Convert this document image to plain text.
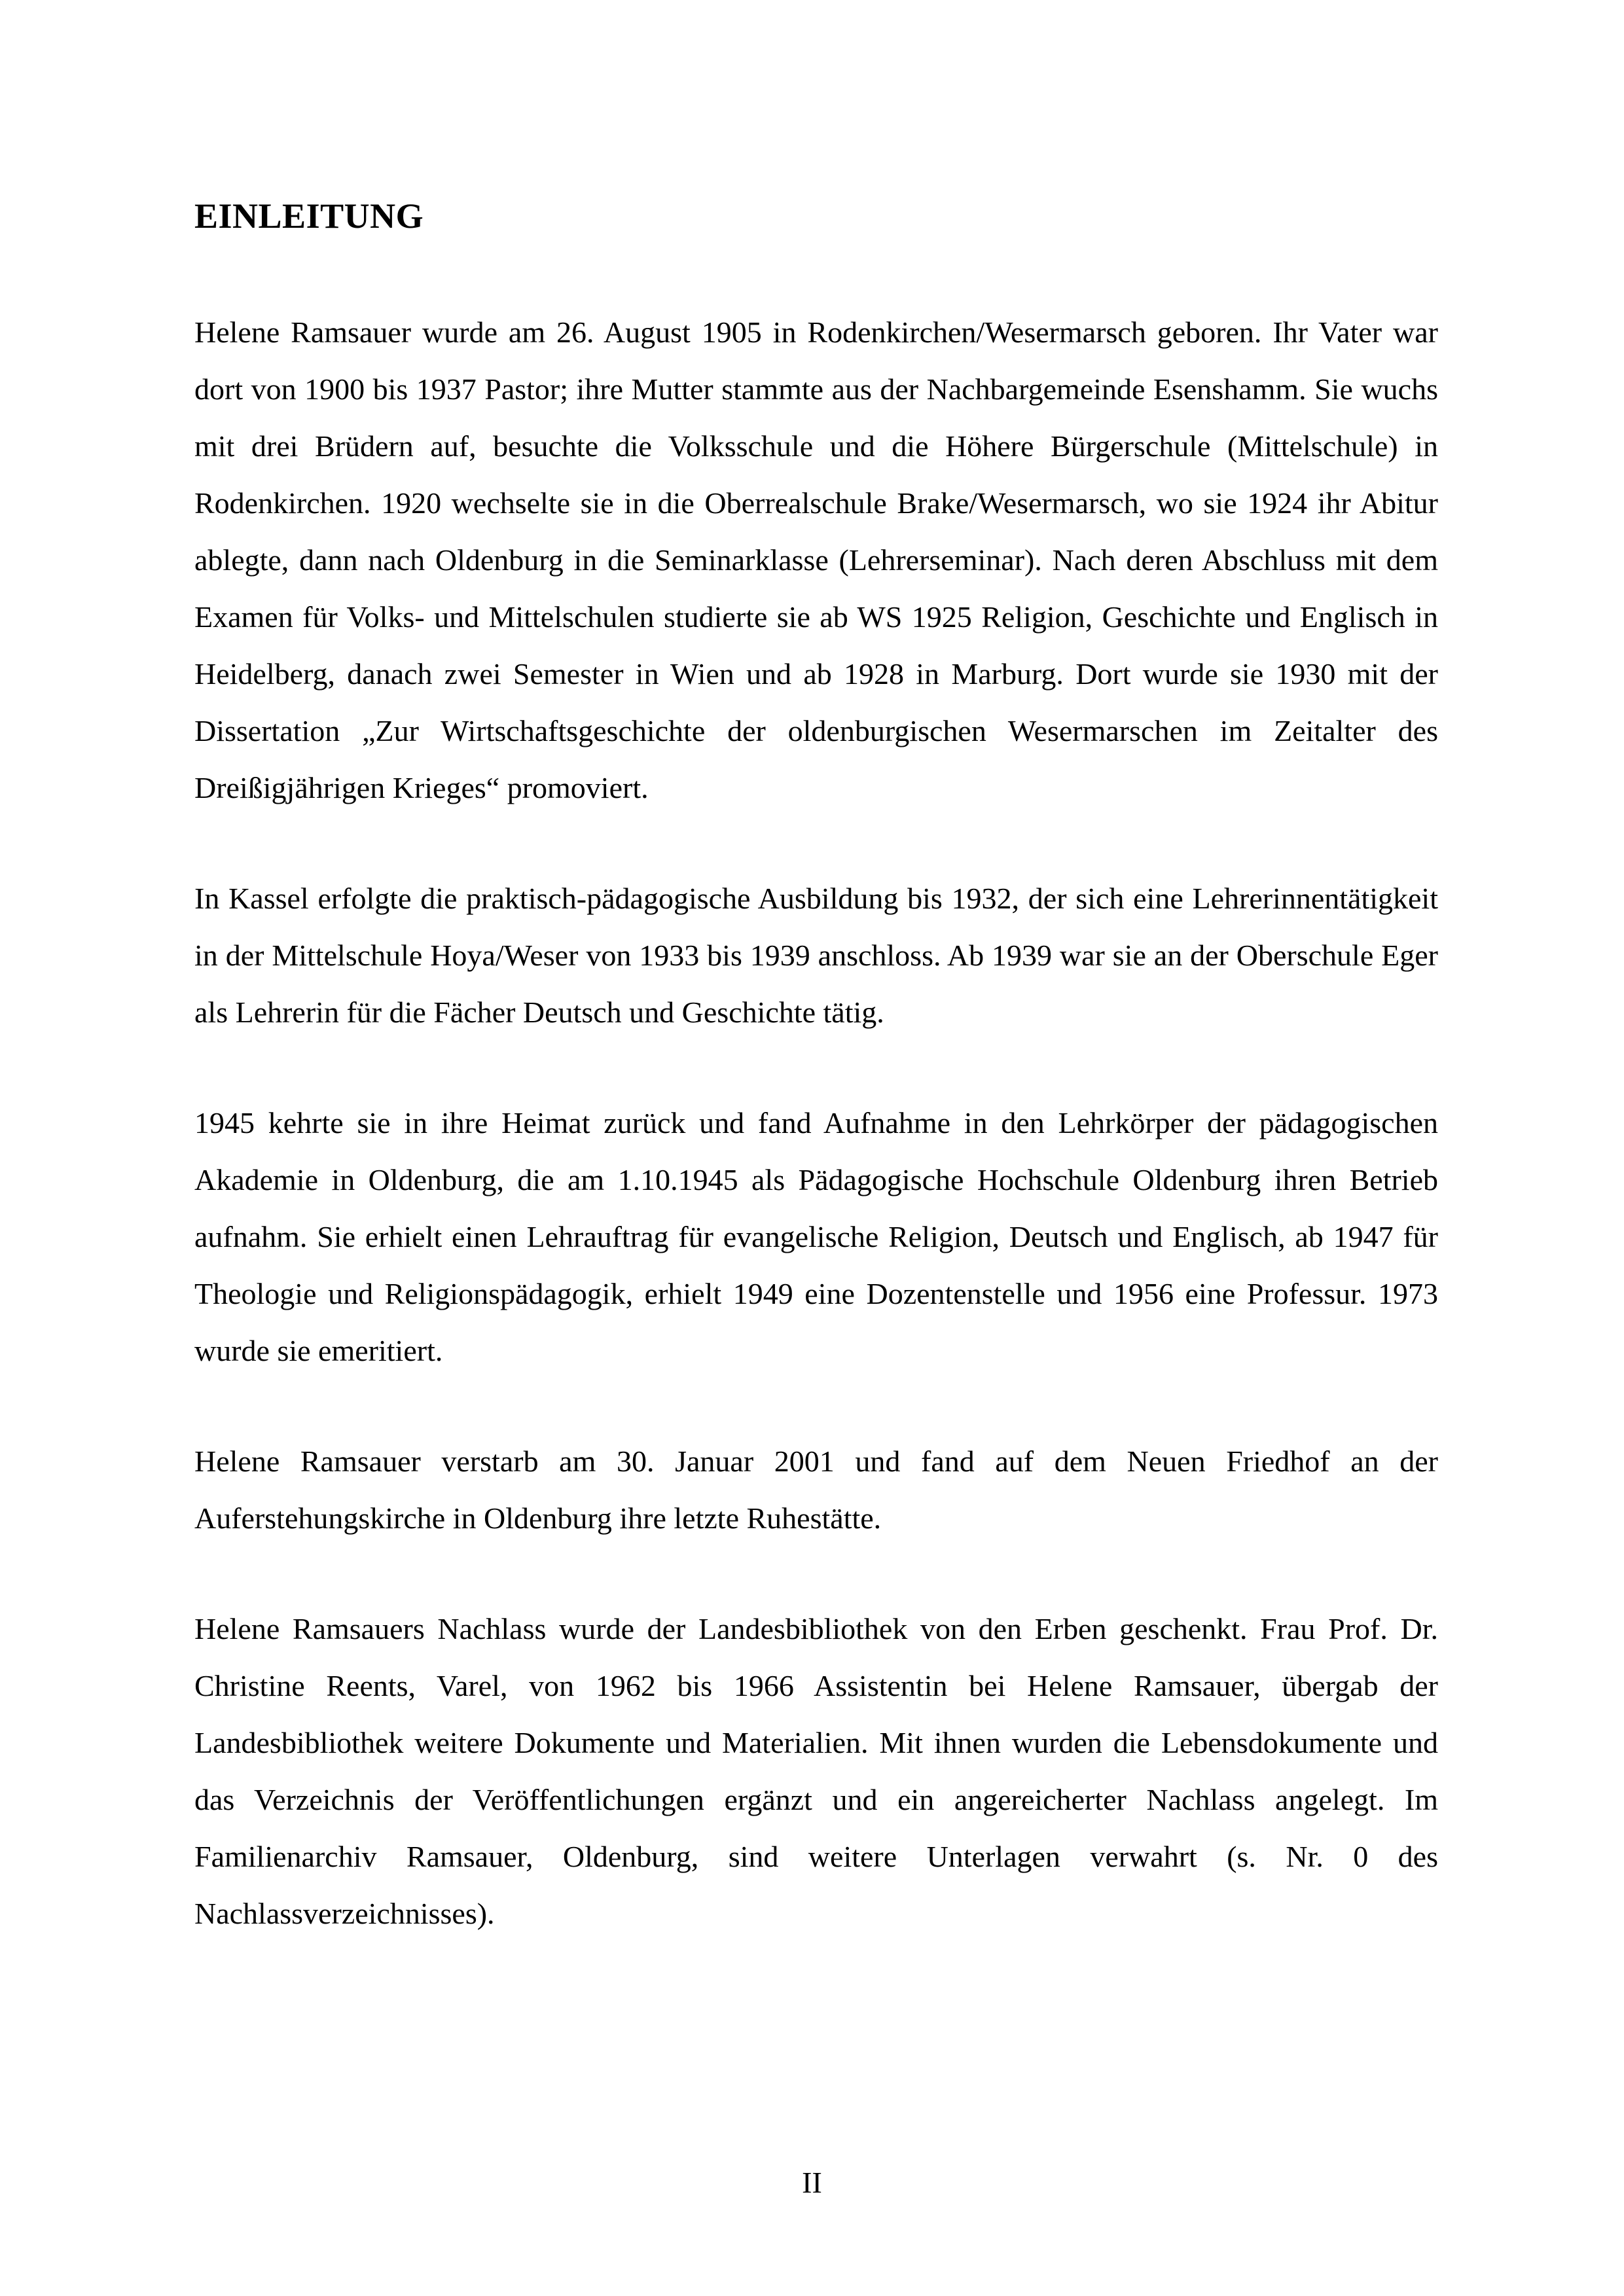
EINLEITUNG

Helene Ramsauer wurde am 26. August 1905 in Rodenkirchen/Wesermarsch geboren. Ihr Vater war dort von 1900 bis 1937 Pastor; ihre Mutter stammte aus der Nachbargemeinde Esenshamm. Sie wuchs mit drei Brüdern auf, besuchte die Volksschule und die Höhere Bürgerschule (Mittelschule) in Rodenkirchen. 1920 wechselte sie in die Oberrealschule Brake/Wesermarsch, wo sie 1924 ihr Abitur ablegte, dann nach Oldenburg in die Seminarklasse (Lehrerseminar). Nach deren Abschluss mit dem Examen für Volks- und Mittelschulen studierte sie ab WS 1925 Religion, Geschichte und Englisch in Heidelberg, danach zwei Semester in Wien und ab 1928 in Marburg. Dort wurde sie 1930 mit der Dissertation „Zur Wirtschaftsgeschichte der oldenburgischen Wesermarschen im Zeitalter des Dreißigjährigen Krieges“ promoviert.

In Kassel erfolgte die praktisch-pädagogische Ausbildung bis 1932, der sich eine Lehrerinnentätigkeit in der Mittelschule Hoya/Weser von 1933 bis 1939 anschloss. Ab 1939 war sie an der Oberschule Eger als Lehrerin für die Fächer Deutsch und Geschichte tätig.

1945 kehrte sie in ihre Heimat zurück und fand Aufnahme in den Lehrkörper der pädagogischen Akademie in Oldenburg, die am 1.10.1945 als Pädagogische Hochschule Oldenburg ihren Betrieb aufnahm. Sie erhielt einen Lehrauftrag für evangelische Religion, Deutsch und Englisch, ab 1947 für Theologie und Religionspädagogik, erhielt 1949 eine Dozentenstelle und 1956 eine Professur. 1973 wurde sie emeritiert.

Helene Ramsauer verstarb am 30. Januar 2001 und fand auf dem Neuen Friedhof an der Auferstehungskirche in Oldenburg ihre letzte Ruhestätte.

Helene Ramsauers Nachlass wurde der Landesbibliothek von den Erben geschenkt. Frau Prof. Dr. Christine Reents, Varel, von 1962 bis 1966 Assistentin bei Helene Ramsauer, übergab der Landesbibliothek weitere Dokumente und Materialien. Mit ihnen wurden die Lebensdokumente und das Verzeichnis der Veröffentlichungen ergänzt und ein angereicherter Nachlass angelegt. Im Familienarchiv Ramsauer, Oldenburg, sind weitere Unterlagen verwahrt (s. Nr. 0 des Nachlassverzeichnisses).

II
